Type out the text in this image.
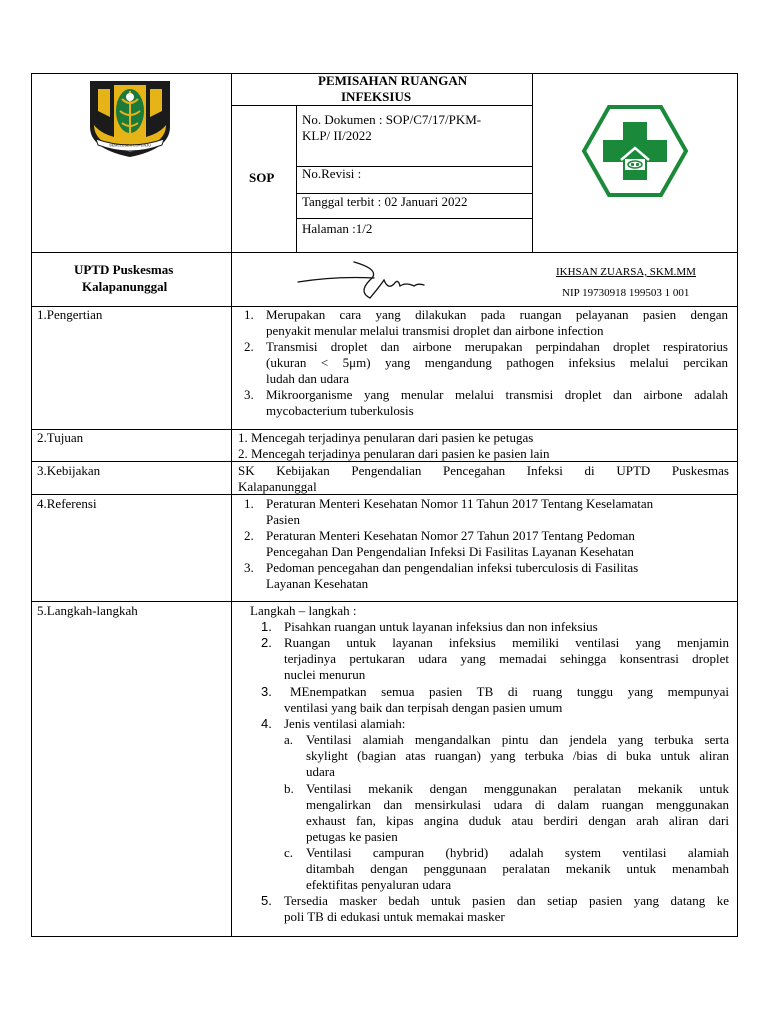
SEMELESEH LOPENJU
PEMISAHAN RUANGAN
INFEKSIUS
SOP
No. Dokumen : SOP/C7/17/PKM-
KLP/ II/2022
No.Revisi :
Tanggal terbit : 02 Januari 2022
Halaman :1/2
UPTD Puskesmas
Kalapanunggal
IKHSAN ZUARSA, SKM.MM
NIP 19730918 199503 1 001
1.Pengertian	1. Merupakan cara yang dilakukan pada ruangan pelayanan pasien dengan
penyakit menular melalui transmisi droplet dan airbone infection
2. Transmisi droplet dan airbone merupakan perpindahan droplet respiratorius
(ukuran < 5μm) yang mengandung pathogen infeksius melalui percikan
ludah dan udara
3. Mikroorganisme yang menular melalui transmisi droplet dan airbone adalah
mycobacterium tuberkulosis
2.Tujuan	1. Mencegah terjadinya penularan dari pasien ke petugas
2. Mencegah terjadinya penularan dari pasien ke pasien lain
3.Kebijakan	SK Kebijakan Pengendalian Pencegahan Infeksi di UPTD Puskesmas
Kalapanunggal
4.Referensi	1. Peraturan Menteri Kesehatan Nomor 11 Tahun 2017 Tentang Keselamatan
Pasien
2. Peraturan Menteri Kesehatan Nomor 27 Tahun 2017 Tentang Pedoman
Pencegahan Dan Pengendalian Infeksi Di Fasilitas Layanan Kesehatan
3. Pedoman pencegahan dan pengendalian infeksi tuberculosis di Fasilitas
Layanan Kesehatan
5.Langkah-langkah	Langkah – langkah :
1. Pisahkan ruangan untuk layanan infeksius dan non infeksius
2. Ruangan untuk layanan infeksius memiliki ventilasi yang menjamin
terjadinya pertukaran udara yang memadai sehingga konsentrasi droplet
nuclei menurun
3. MEnempatkan semua pasien TB di ruang tunggu yang mempunyai
ventilasi yang baik dan terpisah dengan pasien umum
4. Jenis ventilasi alamiah:
a. Ventilasi alamiah mengandalkan pintu dan jendela yang terbuka serta
skylight (bagian atas ruangan) yang terbuka /bias di buka untuk aliran
udara
b. Ventilasi mekanik dengan menggunakan peralatan mekanik untuk
mengalirkan dan mensirkulasi udara di dalam ruangan menggunakan
exhaust fan, kipas angina duduk atau berdiri dengan arah aliran dari
petugas ke pasien
c. Ventilasi campuran (hybrid) adalah system ventilasi alamiah
ditambah dengan penggunaan peralatan mekanik untuk menambah
efektifitas penyaluran udara
5. Tersedia masker bedah untuk pasien dan setiap pasien yang datang ke
poli TB di edukasi untuk memakai masker
